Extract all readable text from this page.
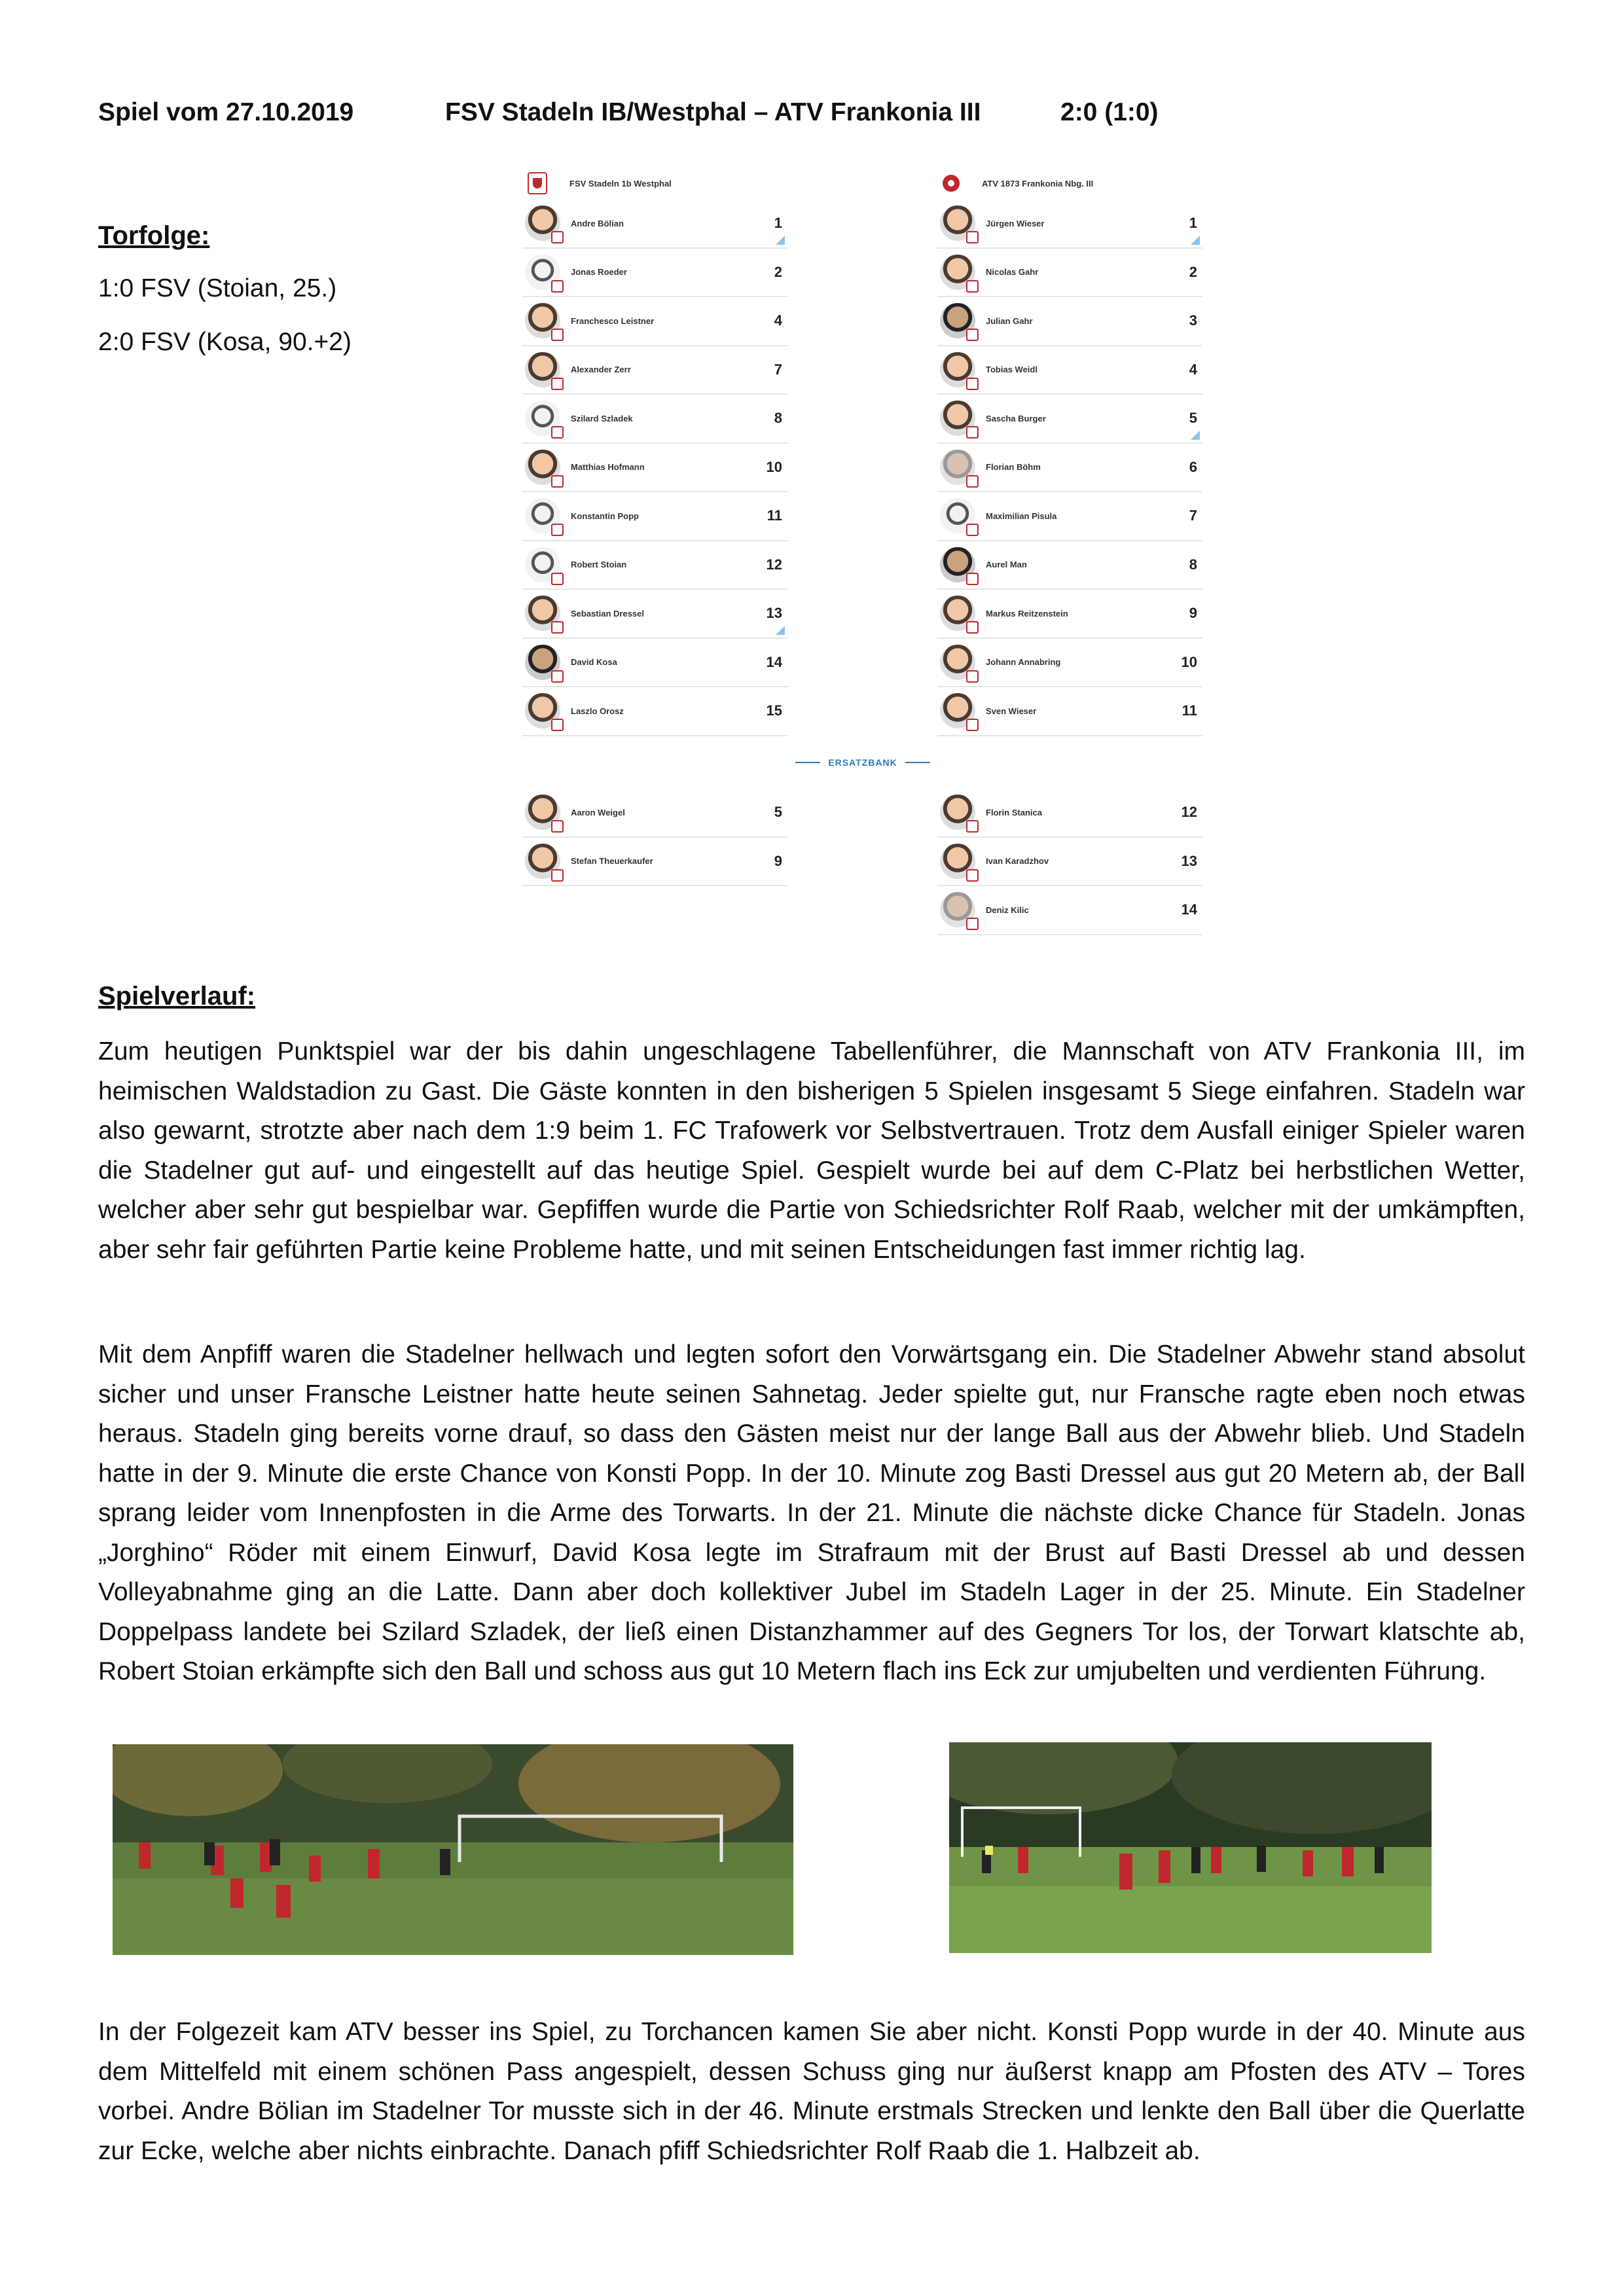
Spiel vom 27.10.2019	FSV Stadeln IB/Westphal – ATV Frankonia III	2:0 (1:0)
Torfolge:

1:0 FSV (Stoian, 25.)

2:0 FSV (Kosa, 90.+2)

FSV Stadeln 1b Westphal
Andre Bölian	1
Jonas Roeder	2
Franchesco Leistner	4
Alexander Zerr	7
Szilard Szladek	8
Matthias Hofmann	10
Konstantin Popp	11
Robert Stoian	12
Sebastian Dressel	13
David Kosa	14
Laszlo Orosz	15
Aaron Weigel	5
Stefan Theuerkaufer	9
ATV 1873 Frankonia Nbg. III
Jürgen Wieser	1
Nicolas Gahr	2
Julian Gahr	3
Tobias Weidl	4
Sascha Burger	5
Florian Böhm	6
Maximilian Pisula	7
Aurel Man	8
Markus Reitzenstein	9
Johann Annabring	10
Sven Wieser	11
Florin Stanica	12
Ivan Karadzhov	13
Deniz Kilic	14
ERSATZBANK
Spielverlauf:

Zum heutigen Punktspiel war der bis dahin ungeschlagene Tabellenführer, die Mannschaft von ATV Frankonia III, im heimischen Waldstadion zu Gast. Die Gäste konnten in den bisherigen 5 Spielen insgesamt 5 Siege einfahren. Stadeln war also gewarnt, strotzte aber nach dem 1:9 beim 1. FC Trafowerk vor Selbstvertrauen. Trotz dem Ausfall einiger Spieler waren die Stadelner gut auf- und eingestellt auf das heutige Spiel. Gespielt wurde bei auf dem C-Platz bei herbstlichen Wetter, welcher aber sehr gut bespielbar war. Gepfiffen wurde die Partie von Schiedsrichter Rolf Raab, welcher mit der umkämpften, aber sehr fair geführten Partie keine Probleme hatte, und mit seinen Entscheidungen fast immer richtig lag.

Mit dem Anpfiff waren die Stadelner hellwach und legten sofort den Vorwärtsgang ein. Die Stadelner Abwehr stand absolut sicher und unser Fransche Leistner hatte heute seinen Sahnetag. Jeder spielte gut, nur Fransche ragte eben noch etwas heraus. Stadeln ging bereits vorne drauf, so dass den Gästen meist nur der lange Ball aus der Abwehr blieb. Und Stadeln hatte in der 9. Minute die erste Chance von Konsti Popp. In der 10. Minute zog Basti Dressel aus gut 20 Metern ab, der Ball sprang leider vom Innenpfosten in die Arme des Torwarts. In der 21. Minute die nächste dicke Chance für Stadeln. Jonas „Jorghino“ Röder mit einem Einwurf, David Kosa legte im Strafraum mit der Brust auf Basti Dressel ab und dessen Volleyabnahme ging an die Latte. Dann aber doch kollektiver Jubel im Stadeln Lager in der 25. Minute. Ein Stadelner Doppelpass landete bei Szilard Szladek, der ließ einen Distanzhammer auf des Gegners Tor los, der Torwart klatschte ab, Robert Stoian erkämpfte sich den Ball und schoss aus gut 10 Metern flach ins Eck zur umjubelten und verdienten Führung.

In der Folgezeit kam ATV besser ins Spiel, zu Torchancen kamen Sie aber nicht. Konsti Popp wurde in der 40. Minute aus dem Mittelfeld mit einem schönen Pass angespielt, dessen Schuss ging nur äußerst knapp am Pfosten des ATV – Tores vorbei. Andre Bölian im Stadelner Tor musste sich in der 46. Minute erstmals Strecken und lenkte den Ball über die Querlatte zur Ecke, welche aber nichts einbrachte. Danach pfiff Schiedsrichter Rolf Raab die 1. Halbzeit ab.
